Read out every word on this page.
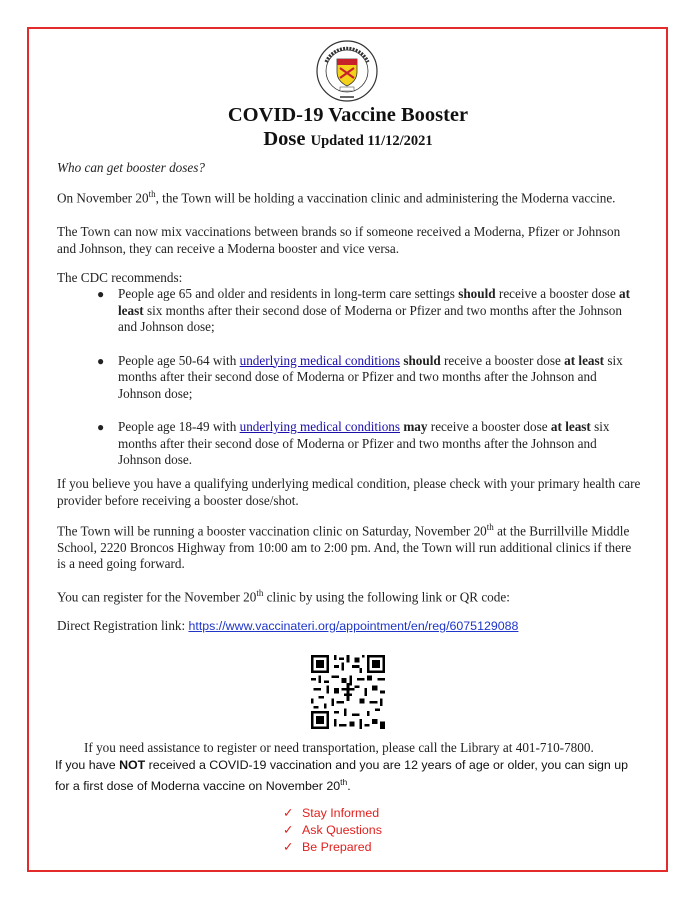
COVID-19 Vaccine Booster
Dose Updated 11/12/2021

Who can get booster doses?

On November 20th, the Town will be holding a vaccination clinic and administering the Moderna vaccine.

The Town can now mix vaccinations between brands so if someone received a Moderna, Pfizer or Johnson and Johnson, they can receive a Moderna booster and vice versa.

The CDC recommends:

● People age 65 and older and residents in long-term care settings should receive a booster dose at least six months after their second dose of Moderna or Pfizer and two months after the Johnson and Johnson dose;
● People age 50-64 with underlying medical conditions should receive a booster dose at least six months after their second dose of Moderna or Pfizer and two months after the Johnson and Johnson dose;
● People age 18-49 with underlying medical conditions may receive a booster dose at least six months after their second dose of Moderna or Pfizer and two months after the Johnson and Johnson dose.

If you believe you have a qualifying underlying medical condition, please check with your primary health care provider before receiving a booster dose/shot.

The Town will be running a booster vaccination clinic on Saturday, November 20th at the Burrillville Middle School, 2220 Broncos Highway from 10:00 am to 2:00 pm. And, the Town will run additional clinics if there is a need going forward.

You can register for the November 20th clinic by using the following link or QR code:

Direct Registration link: https://www.vaccinateri.org/appointment/en/reg/6075129088

If you need assistance to register or need transportation, please call the Library at 401-710-7800.

If you have NOT received a COVID-19 vaccination and you are 12 years of age or older, you can sign up for a first dose of Moderna vaccine on November 20th.

✓ Stay Informed
✓ Ask Questions
✓ Be Prepared
